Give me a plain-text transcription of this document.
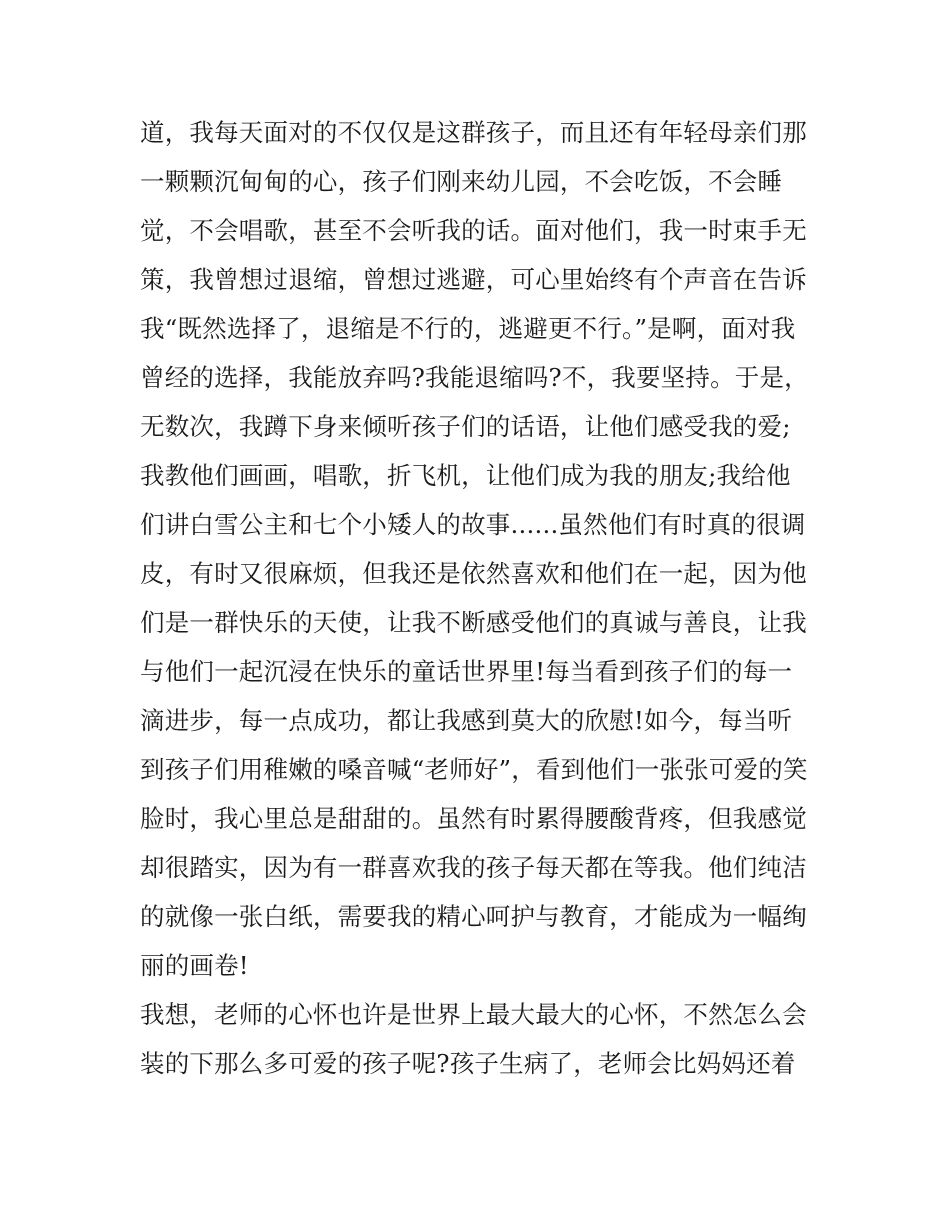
道，我每天面对的不仅仅是这群孩子，而且还有年轻母亲们那
一颗颗沉甸甸的心，孩子们刚来幼儿园，不会吃饭，不会睡
觉，不会唱歌，甚至不会听我的话。面对他们，我一时束手无
策，我曾想过退缩，曾想过逃避，可心里始终有个声音在告诉
我“既然选择了，退缩是不行的，逃避更不行。”是啊，面对我
曾经的选择，我能放弃吗?我能退缩吗?不，我要坚持。于是，
无数次，我蹲下身来倾听孩子们的话语，让他们感受我的爱;
我教他们画画，唱歌，折飞机，让他们成为我的朋友;我给他
们讲白雪公主和七个小矮人的故事......虽然他们有时真的很调
皮，有时又很麻烦，但我还是依然喜欢和他们在一起，因为他
们是一群快乐的天使，让我不断感受他们的真诚与善良，让我
与他们一起沉浸在快乐的童话世界里!每当看到孩子们的每一
滴进步，每一点成功，都让我感到莫大的欣慰!如今，每当听
到孩子们用稚嫩的嗓音喊“老师好”，看到他们一张张可爱的笑
脸时，我心里总是甜甜的。虽然有时累得腰酸背疼，但我感觉
却很踏实，因为有一群喜欢我的孩子每天都在等我。他们纯洁
的就像一张白纸，需要我的精心呵护与教育，才能成为一幅绚
丽的画卷!
我想，老师的心怀也许是世界上最大最大的心怀，不然怎么会
装的下那么多可爱的孩子呢?孩子生病了，老师会比妈妈还着
